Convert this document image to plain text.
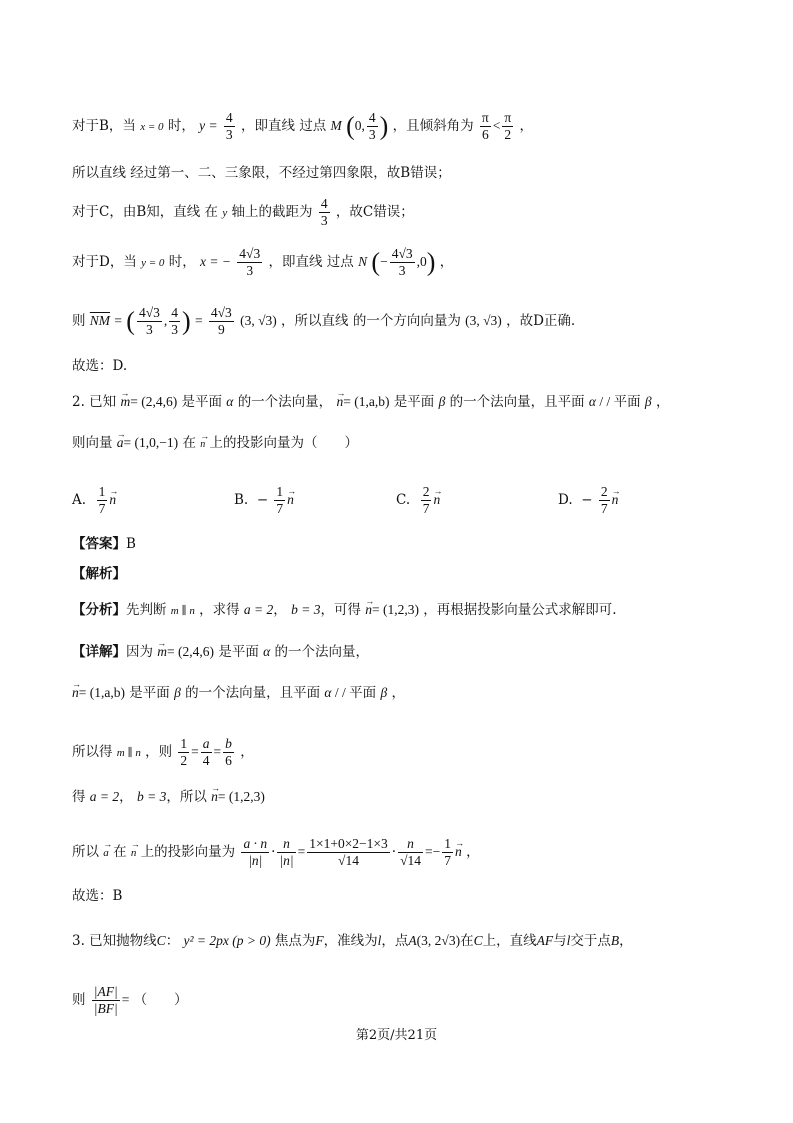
对于B，当 x = 0 时， $y = \frac{4}{3}$ ，即直线 过点 M (0, $\frac{4}{3}$ ) ，且倾斜角为 $\frac{\pi}{6} < \frac{\pi}{2}$ ，
所以直线 经过第一、二、三象限，不经过第四象限，故B错误；
对于C，由B知，直线 在 y 轴上的截距为 $\frac{4}{3}$ ，故C错误；
对于D，当 y = 0 时， x = − $\frac{4√3}{3}$ ，即直线 过点 N (− $\frac{4√3}{3} ,0$) ，
则 $\overline{NM}$ = ( $\frac{4√3}{3}$ , $\frac{4}{3}$ ) = $\frac{4√3}{9} (3$, √3) ，所以直线 的一个方向向量为 (3, √3) ，故D正确.
故选：D.
2. 已知 → m= (2,4,6) 是平面 α 的一个法向量， → n= (1,a,b) 是平面 β 的一个法向量，且平面 α / / 平面 β ，
则向量 → a= (1,0,−1) 在 → n 上的投影向量为（　　）
A. $\frac{1}{7} \to n$	B. − $\frac{1}{7} \to n$	C. $\frac{2}{7} \to n$	D. − $\frac{2}{7} \to n$
【答案】B
【解析】
【分析】先判断 m ∥ n ，求得 a = 2， b = 3，可得 → n= (1,2,3) ，再根据投影向量公式求解即可.
【详解】因为 → m= (2,4,6) 是平面 α 的一个法向量，
→ n= (1,a,b) 是平面 β 的一个法向量，且平面 α / / 平面 β ，
所以得 m ∥ n ，则 $\frac{1}{2} = \frac{a}{4} = \frac{b}{6}$ ，
得 a = 2， b = 3，所以 → n= (1,2,3)
所以 → a 在 → n 上的投影向量为 $\frac{a \cdot n}{|n|} \cdot \frac{n}{|n|} = \frac{1\times 1+0\times 2-1\times 3}{√14} \cdot \frac{n}{√14} =- \frac{1}{7} \to n$ ，
故选：B
3. 已知抛物线C： y² = 2px (p > 0) 焦点为F，准线为l，点A(3, 2√3)在C上，直线AF与l交于点B，
则 $\frac{|AF|}{|BF|}$ = （　　）
第2页/共21页
